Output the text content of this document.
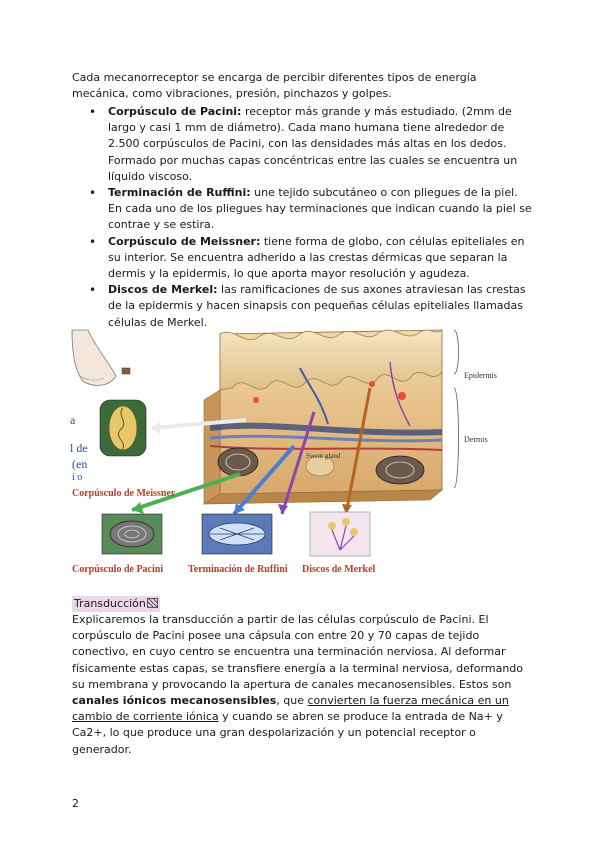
Cada mecanorreceptor se encarga de percibir diferentes tipos de energía mecánica, como vibraciones, presión, pinchazos y golpes.

• Corpúsculo de Pacini: receptor más grande y más estudiado. (2mm de largo y casi 1 mm de diámetro). Cada mano humana tiene alrededor de 2.500 corpúsculos de Pacini, con las densidades más altas en los dedos. Formado por muchas capas concéntricas entre las cuales se encuentra un líquido viscoso.
• Terminación de Ruffini: une tejido subcutáneo o con pliegues de la piel. En cada uno de los pliegues hay terminaciones que indican cuando la piel se contrae y se estira.
• Corpúsculo de Meissner: tiene forma de globo, con células epiteliales en su interior. Se encuentra adherido a las crestas dérmicas que separan la dermis y la epidermis, lo que aporta mayor resolución y agudeza.
• Discos de Merkel: las ramificaciones de sus axones atraviesan las crestas de la epidermis y hacen sinapsis con pequeñas células epiteliales llamadas células de Merkel.
Epidermis
Dermis
Sweat gland
a
l de
(en
i o
Corpúsculo de Meissner
Corpúsculo de Pacini Terminación de Ruffini Discos de Merkel
Transducción

Explicaremos la transducción a partir de las células corpúsculo de Pacini. El corpúsculo de Pacini posee una cápsula con entre 20 y 70 capas de tejido conectivo, en cuyo centro se encuentra una terminación nerviosa. Al deformar físicamente estas capas, se transfiere energía a la terminal nerviosa, deformando su membrana y provocando la apertura de canales mecanosensibles. Estos son canales iónicos mecanosensibles, que convierten la fuerza mecánica en un cambio de corriente iónica y cuando se abren se produce la entrada de Na+ y Ca2+, lo que produce una gran despolarización y un potencial receptor o generador.

2
